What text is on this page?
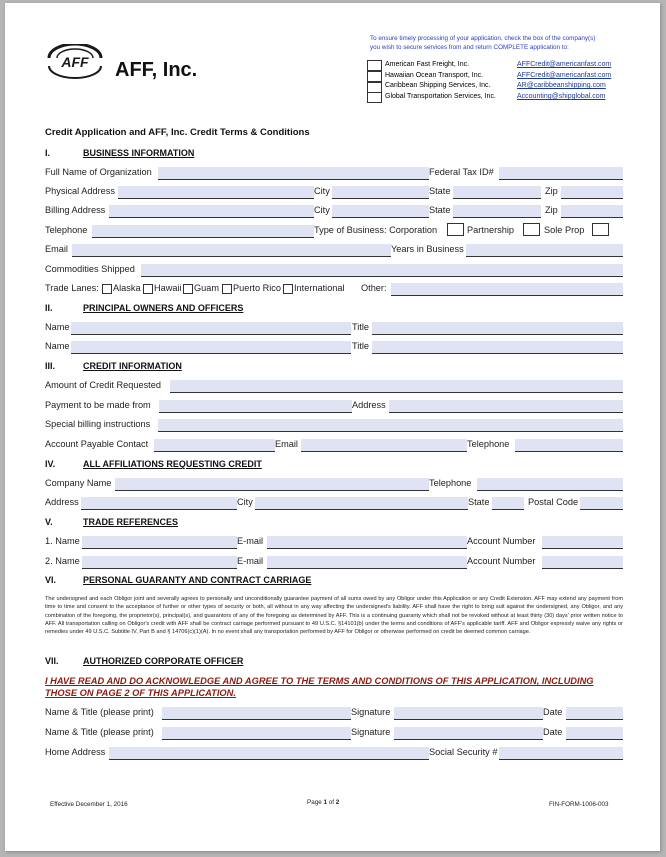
AFF AFF, Inc.
To ensure timely processing of your application, check the box of the company(s)
you wish to secure services from and return COMPLETE application to:
American Fast Freight, Inc.	AFFCredit@americanfast.com
Hawaiian Ocean Transport, Inc.	AFFCredit@americanfast.com
Caribbean Shipping Services, Inc.	AR@caribbeanshipping.com
Global Transportation Services, Inc.	Accounting@shipglobal.com
Credit Application and AFF, Inc. Credit Terms & Conditions
I.	BUSINESS INFORMATION
Full Name of Organization	Federal Tax ID#
Physical Address	City	State	Zip
Billing Address	City	State	Zip
Telephone	Type of Business: Corporation	Partnership	Sole Prop
Email	Years in Business
Commodities Shipped
Trade Lanes: Alaska Hawaii Guam Puerto Rico International Other:
II.	PRINCIPAL OWNERS AND OFFICERS
Name	Title
Name	Title
III.	CREDIT INFORMATION
Amount of Credit Requested
Payment to be made from	Address
Special billing instructions
Account Payable Contact	Email	Telephone
IV.	ALL AFFILIATIONS REQUESTING CREDIT
Company Name	Telephone
Address	City	State	Postal Code
V.	TRADE REFERENCES
1. Name	E-mail	Account Number
2. Name	E-mail	Account Number
VI.	PERSONAL GUARANTY AND CONTRACT CARRIAGE
The undersigned and each Obligor joint and severally agrees to personally and unconditionally guarantee payment of all sums owed by any Obligor under this Application or any Credit Extension. AFF may extend any payment from time to time and consent to the acceptance of further or other types of security or both, all without in any way affecting the undersigned's liability. AFF shall have the right to bring suit against the undersigned, any Obligor, and any combination of the foregoing, the proprietor(s), principal(s), and guarantors of any of the foregoing as determined by AFF. This is a continuing guaranty which shall not be revoked without at least thirty (30) days' prior written notice to AFF. All transportation calling on Obligor's credit with AFF shall be contract carriage performed pursuant to 49 U.S.C. §14101(b) under the terms and conditions of AFF's applicable tariff. AFF and Obligor expressly waive any rights or remedies under 49 U.S.C. Subtitle IV, Part B and § 14706(c)(1)(A). In no event shall any transportation performed by AFF for Obligor or otherwise performed on credit be deemed common carriage.
VII.	AUTHORIZED CORPORATE OFFICER
I HAVE READ AND DO ACKNOWLEDGE AND AGREE TO THE TERMS AND CONDITIONS OF THIS APPLICATION, INCLUDING THOSE ON PAGE 2 OF THIS APPLICATION.
Name & Title (please print)	Signature	Date
Name & Title (please print)	Signature	Date
Home Address	Social Security #
Effective December 1, 2016	Page 1 of 2	FIN-FORM-1006-003
